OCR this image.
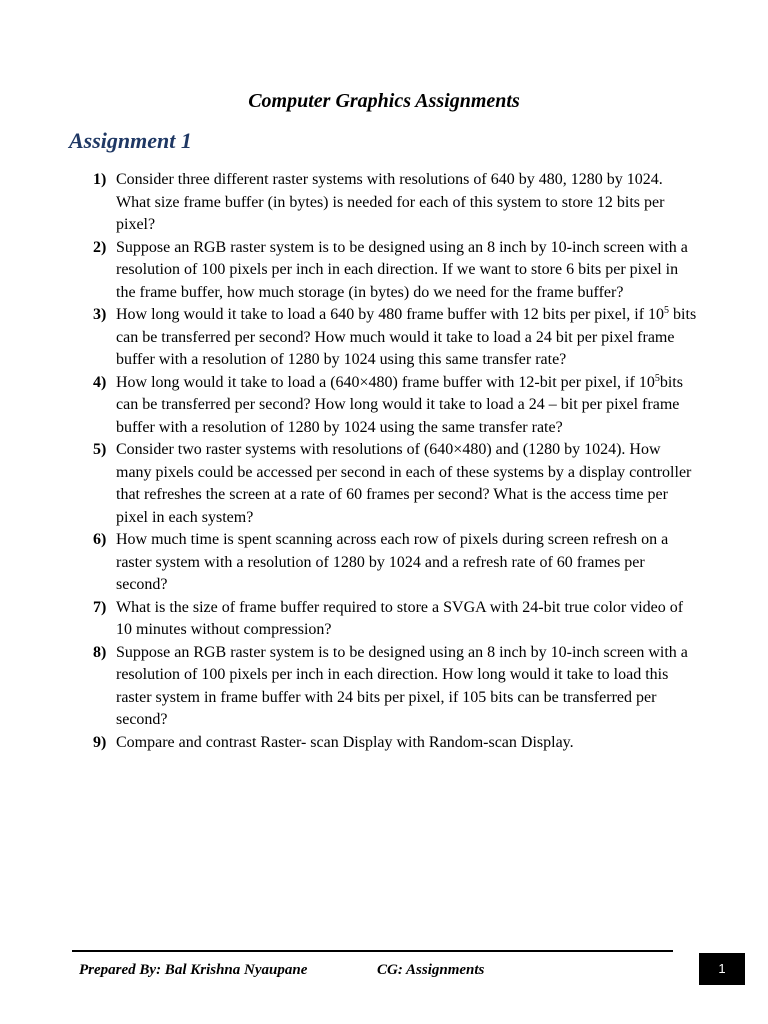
Computer Graphics Assignments
Assignment 1
1) Consider three different raster systems with resolutions of 640 by 480, 1280 by 1024. What size frame buffer (in bytes) is needed for each of this system to store 12 bits per pixel?
2) Suppose an RGB raster system is to be designed using an 8 inch by 10-inch screen with a resolution of 100 pixels per inch in each direction. If we want to store 6 bits per pixel in the frame buffer, how much storage (in bytes) do we need for the frame buffer?
3) How long would it take to load a 640 by 480 frame buffer with 12 bits per pixel, if $10^5$ bits can be transferred per second? How much would it take to load a 24 bit per pixel frame buffer with a resolution of 1280 by 1024 using this same transfer rate?
4) How long would it take to load a (640×480) frame buffer with 12-bit per pixel, if $10^5bits$ can be transferred per second? How long would it take to load a 24 – bit per pixel frame buffer with a resolution of 1280 by 1024 using the same transfer rate?
5) Consider two raster systems with resolutions of (640×480) and (1280 by 1024). How many pixels could be accessed per second in each of these systems by a display controller that refreshes the screen at a rate of 60 frames per second? What is the access time per pixel in each system?
6) How much time is spent scanning across each row of pixels during screen refresh on a raster system with a resolution of 1280 by 1024 and a refresh rate of 60 frames per second?
7) What is the size of frame buffer required to store a SVGA with 24-bit true color video of 10 minutes without compression?
8) Suppose an RGB raster system is to be designed using an 8 inch by 10-inch screen with a resolution of 100 pixels per inch in each direction. How long would it take to load this raster system in frame buffer with 24 bits per pixel, if 105 bits can be transferred per second?
9) Compare and contrast Raster- scan Display with Random-scan Display.
Prepared By: Bal Krishna Nyaupane	CG: Assignments	1
